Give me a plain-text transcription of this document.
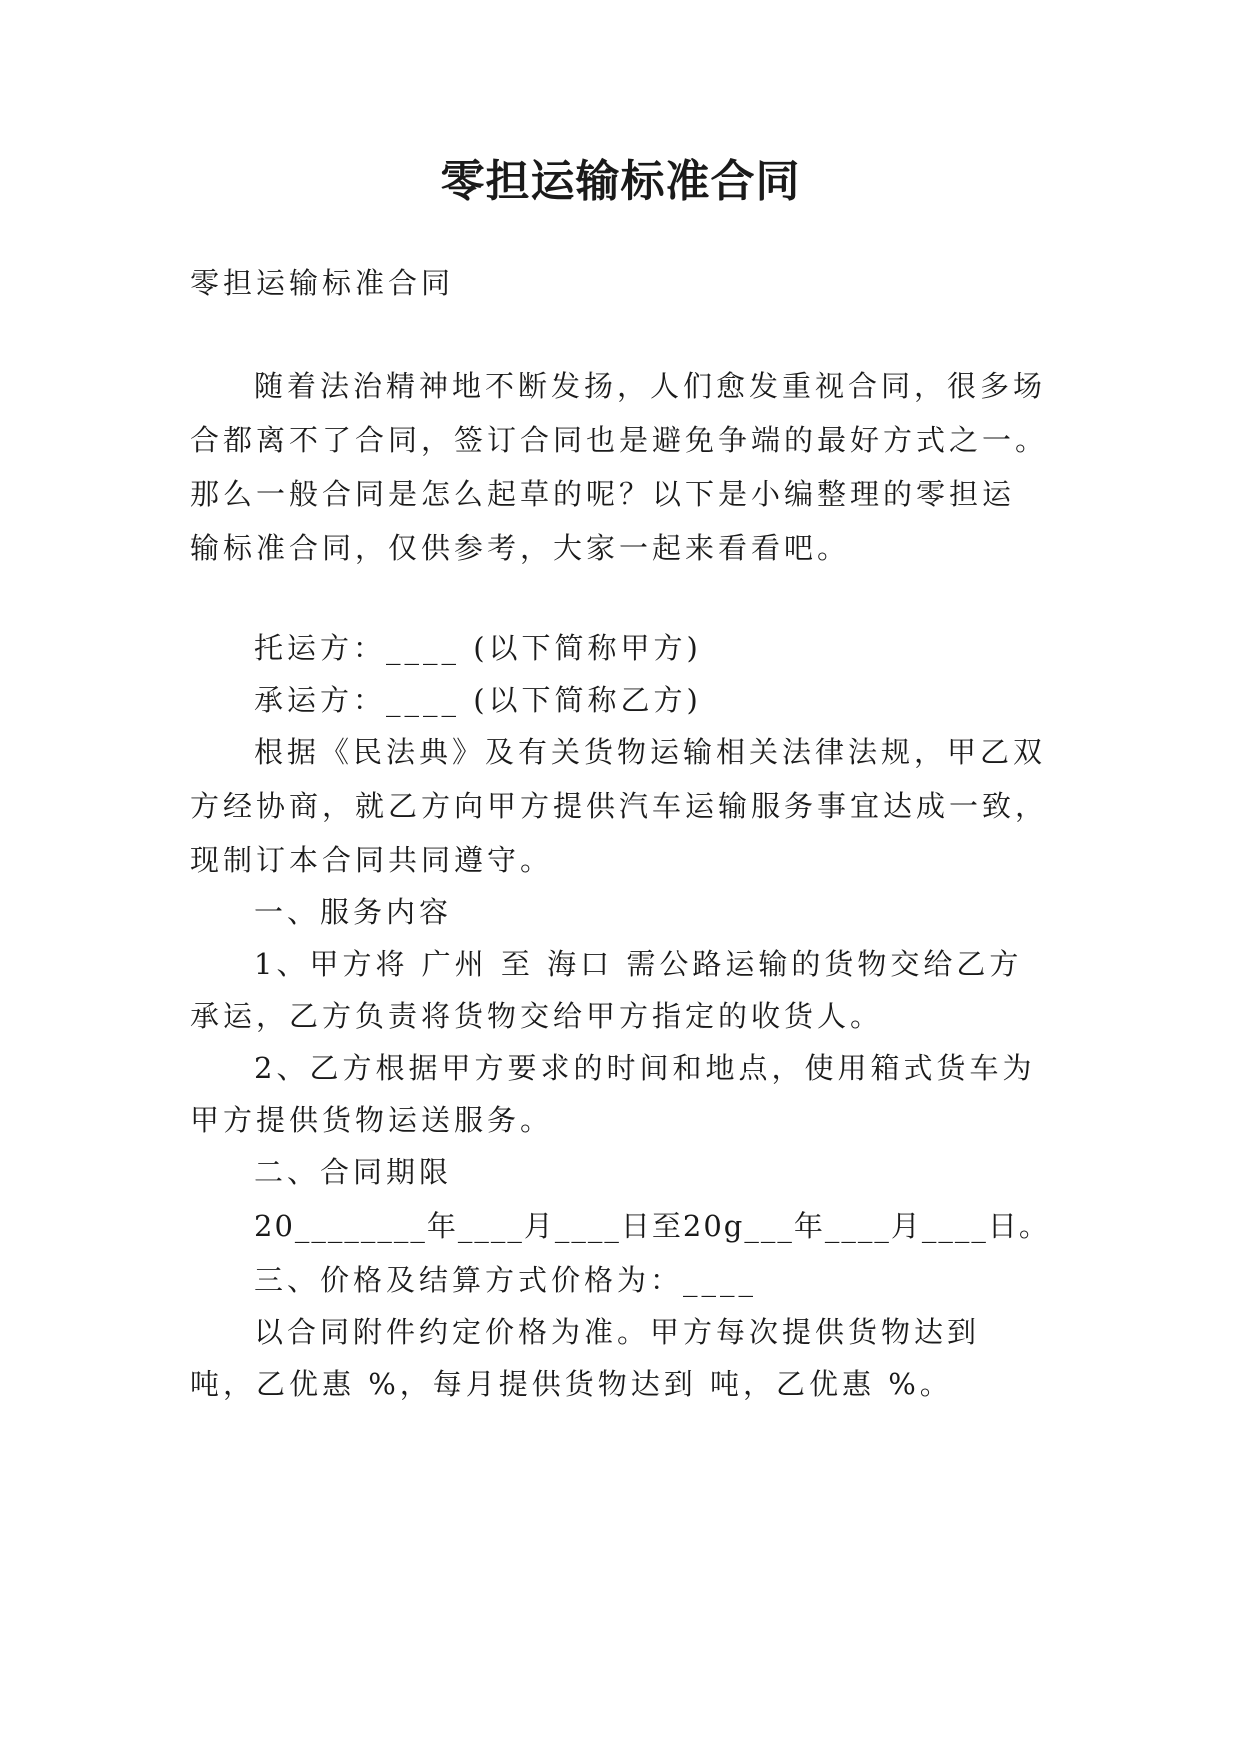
零担运输标准合同
零担运输标准合同
随着法治精神地不断发扬，人们愈发重视合同，很多场
合都离不了合同，签订合同也是避免争端的最好方式之一。
那么一般合同是怎么起草的呢？以下是小编整理的零担运
输标准合同，仅供参考，大家一起来看看吧。
托运方：____ (以下简称甲方)
承运方：____ (以下简称乙方)
根据《民法典》及有关货物运输相关法律法规，甲乙双
方经协商，就乙方向甲方提供汽车运输服务事宜达成一致，
现制订本合同共同遵守。
一、服务内容
1、甲方将 广州 至 海口 需公路运输的货物交给乙方
承运，乙方负责将货物交给甲方指定的收货人。
2、乙方根据甲方要求的时间和地点，使用箱式货车为
甲方提供货物运送服务。
二、合同期限
20________年____月____日至20g___年____月____日。
三、价格及结算方式价格为：____
以合同附件约定价格为准。甲方每次提供货物达到
吨，乙优惠 %，每月提供货物达到 吨，乙优惠 %。
